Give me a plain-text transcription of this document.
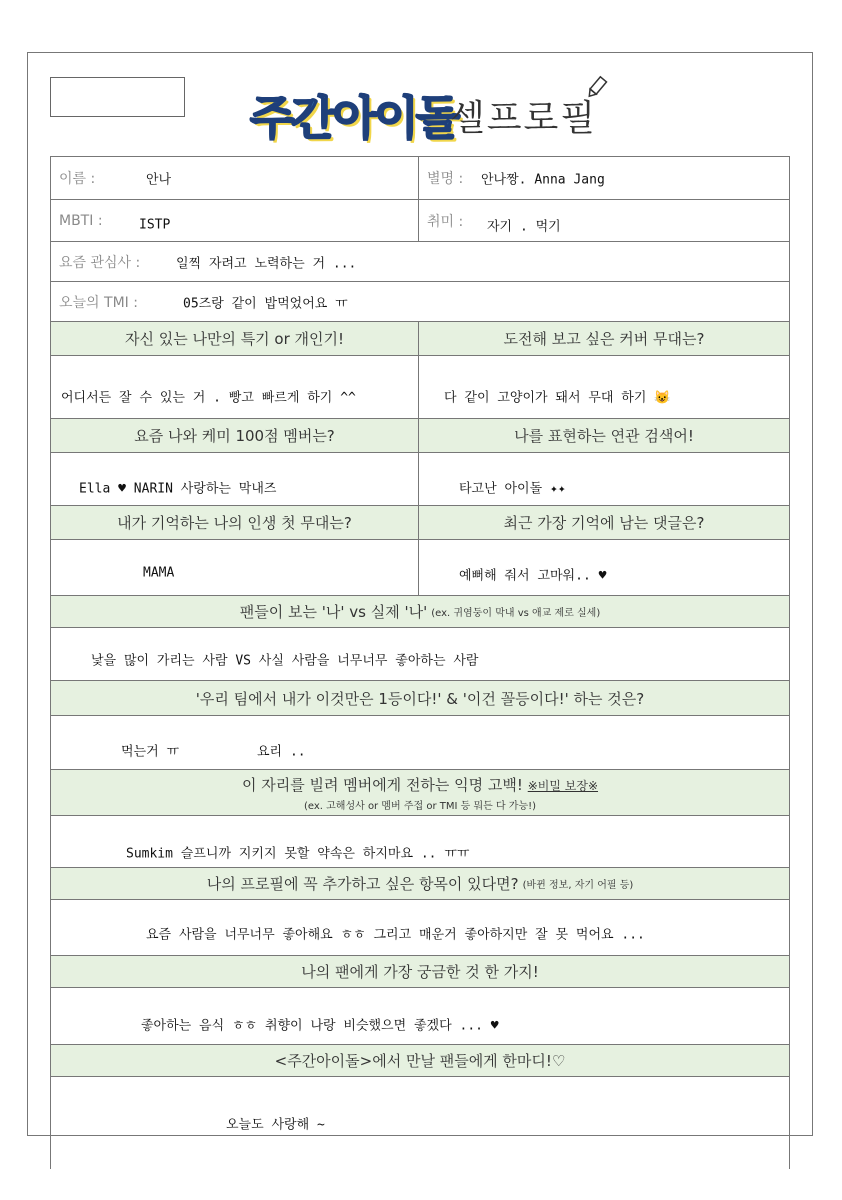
주간아이돌
셀프로필
이름 :	안나	별명 : 안나짱. Anna Jang
MBTI :	ISTP	취미 : 자기 . 먹기
요즘 관심사 :	일찍 자려고 노력하는 거 ...
오늘의 TMI :	05즈랑 같이 밥먹었어요 ㅠ
자신 있는 나만의 특기 or 개인기!	도전해 보고 싶은 커버 무대는?
어디서든 잘 수 있는 거 . 빵고 빠르게 하기 ^^	다 같이 고양이가 돼서 무대 하기 😺
요즘 나와 케미 100점 멤버는?	나를 표현하는 연관 검색어!
Ella ♥ NARIN 사랑하는 막내즈	타고난 아이돌 ✦✦
내가 기억하는 나의 인생 첫 무대는?	최근 가장 기억에 남는 댓글은?
MAMA	예뻐해 줘서 고마워.. ♥
팬들이 보는 '나' vs 실제 '나' (ex. 귀염둥이 막내 vs 애교 제로 실세)
낯을 많이 가리는 사람 VS 사실 사람을 너무너무 좋아하는 사람
'우리 팀에서 내가 이것만은 1등이다!' & '이건 꼴등이다!' 하는 것은?
먹는거 ㅠ	요리 ..
이 자리를 빌려 멤버에게 전하는 익명 고백! ※비밀 보장※
(ex. 고해성사 or 멤버 주접 or TMI 등 뭐든 다 가능!)
Sumkim 슬프니까 지키지 못할 약속은 하지마요 .. ㅠㅠ
나의 프로필에 꼭 추가하고 싶은 항목이 있다면? (바뀐 정보, 자기 어필 등)
요즘 사람을 너무너무 좋아해요 ㅎㅎ 그리고 매운거 좋아하지만 잘 못 먹어요 ...
나의 팬에게 가장 궁금한 것 한 가지!
좋아하는 음식 ㅎㅎ 취향이 나랑 비슷했으면 좋겠다 ... ♥
<주간아이돌>에서 만날 팬들에게 한마디!♡
오늘도 사랑해 ~
